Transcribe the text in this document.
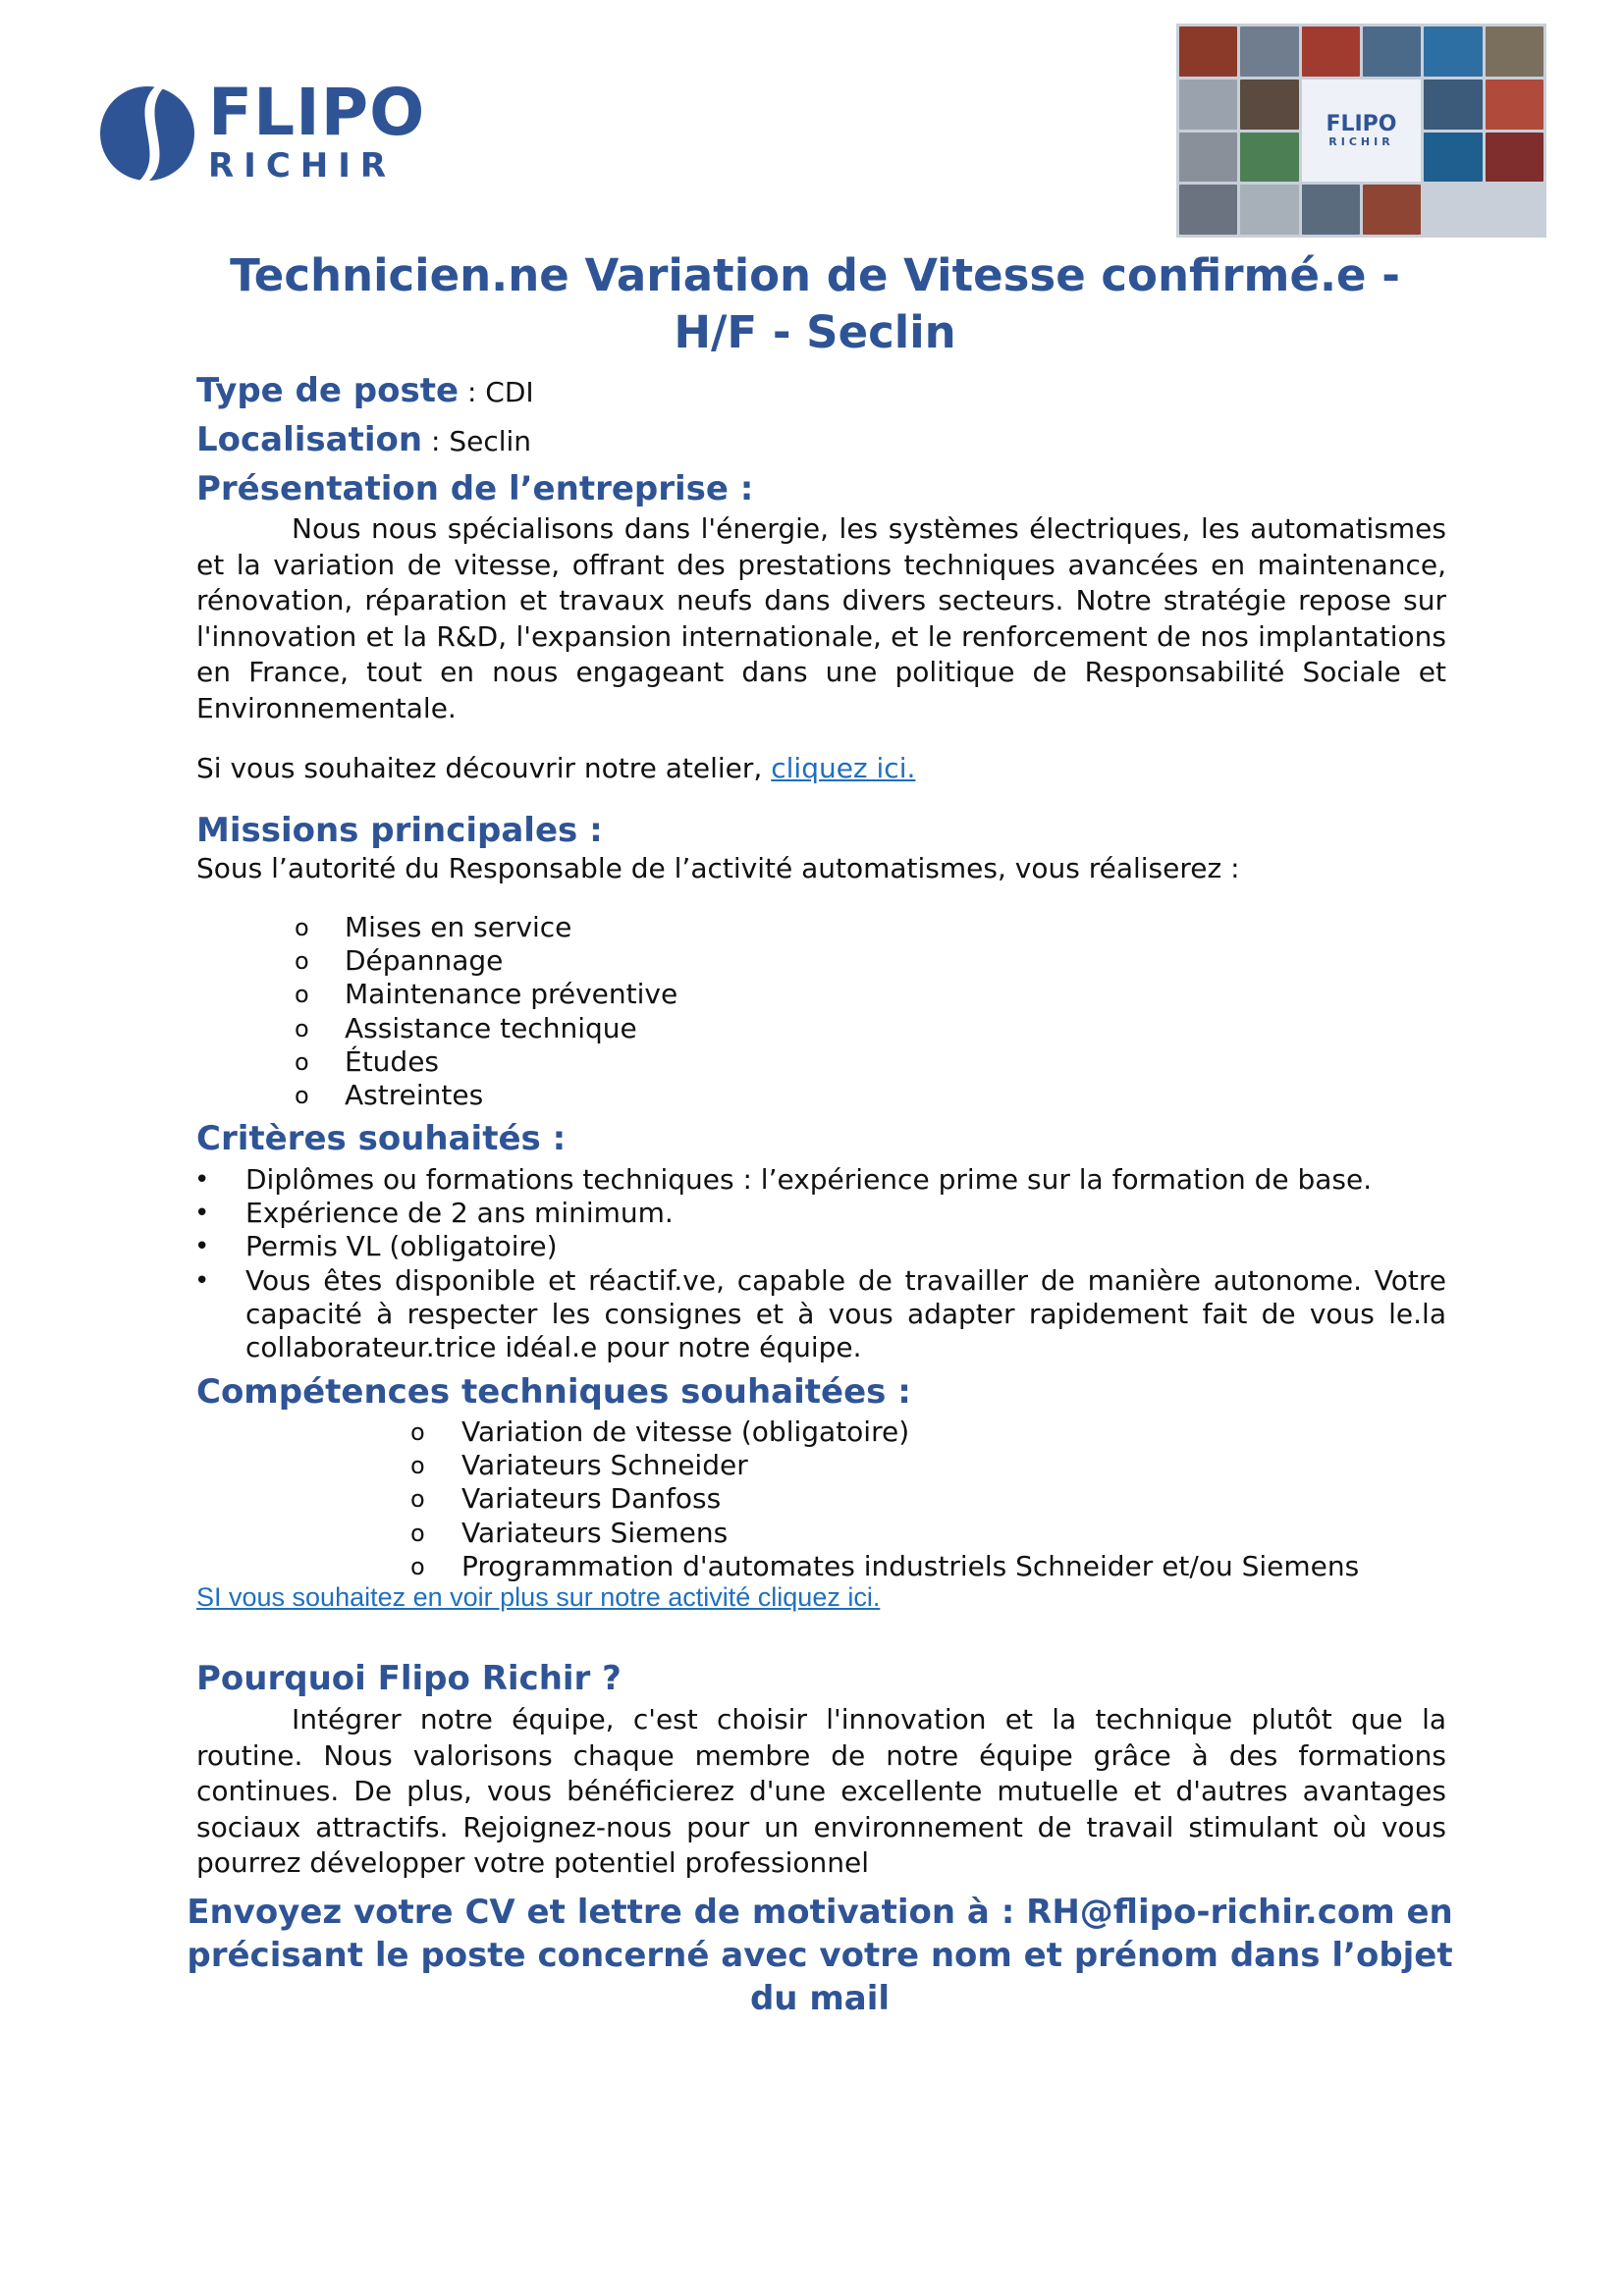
FLIPO
RICHIR
FLIPO
RICHIR
Technicien.ne Variation de Vitesse confirmé.e -
H/F - Seclin
Type de poste : CDI
Localisation : Seclin
Présentation de l’entreprise :
Nous nous spécialisons dans l'énergie, les systèmes électriques, les automatismes et la variation de vitesse, offrant des prestations techniques avancées en maintenance, rénovation, réparation et travaux neufs dans divers secteurs. Notre stratégie repose sur l'innovation et la R&D, l'expansion internationale, et le renforcement de nos implantations en France, tout en nous engageant dans une politique de Responsabilité Sociale et Environnementale.
Si vous souhaitez découvrir notre atelier, cliquez ici.
Missions principales :
Sous l’autorité du Responsable de l’activité automatismes, vous réaliserez :
o Mises en service
o Dépannage
o Maintenance préventive
o Assistance technique
o Études
o Astreintes
Critères souhaités :
• Diplômes ou formations techniques : l’expérience prime sur la formation de base.
• Expérience de 2 ans minimum.
• Permis VL (obligatoire)
• Vous êtes disponible et réactif.ve, capable de travailler de manière autonome. Votre capacité à respecter les consignes et à vous adapter rapidement fait de vous le.la collaborateur.trice idéal.e pour notre équipe.
Compétences techniques souhaitées :
o Variation de vitesse (obligatoire)
o Variateurs Schneider
o Variateurs Danfoss
o Variateurs Siemens
o Programmation d'automates industriels Schneider et/ou Siemens
SI vous souhaitez en voir plus sur notre activité cliquez ici.
Pourquoi Flipo Richir ?
Intégrer notre équipe, c'est choisir l'innovation et la technique plutôt que la routine. Nous valorisons chaque membre de notre équipe grâce à des formations continues. De plus, vous bénéficierez d'une excellente mutuelle et d'autres avantages sociaux attractifs. Rejoignez-nous pour un environnement de travail stimulant où vous pourrez développer votre potentiel professionnel
Envoyez votre CV et lettre de motivation à : RH@flipo-richir.com en
précisant le poste concerné avec votre nom et prénom dans l’objet
du mail
